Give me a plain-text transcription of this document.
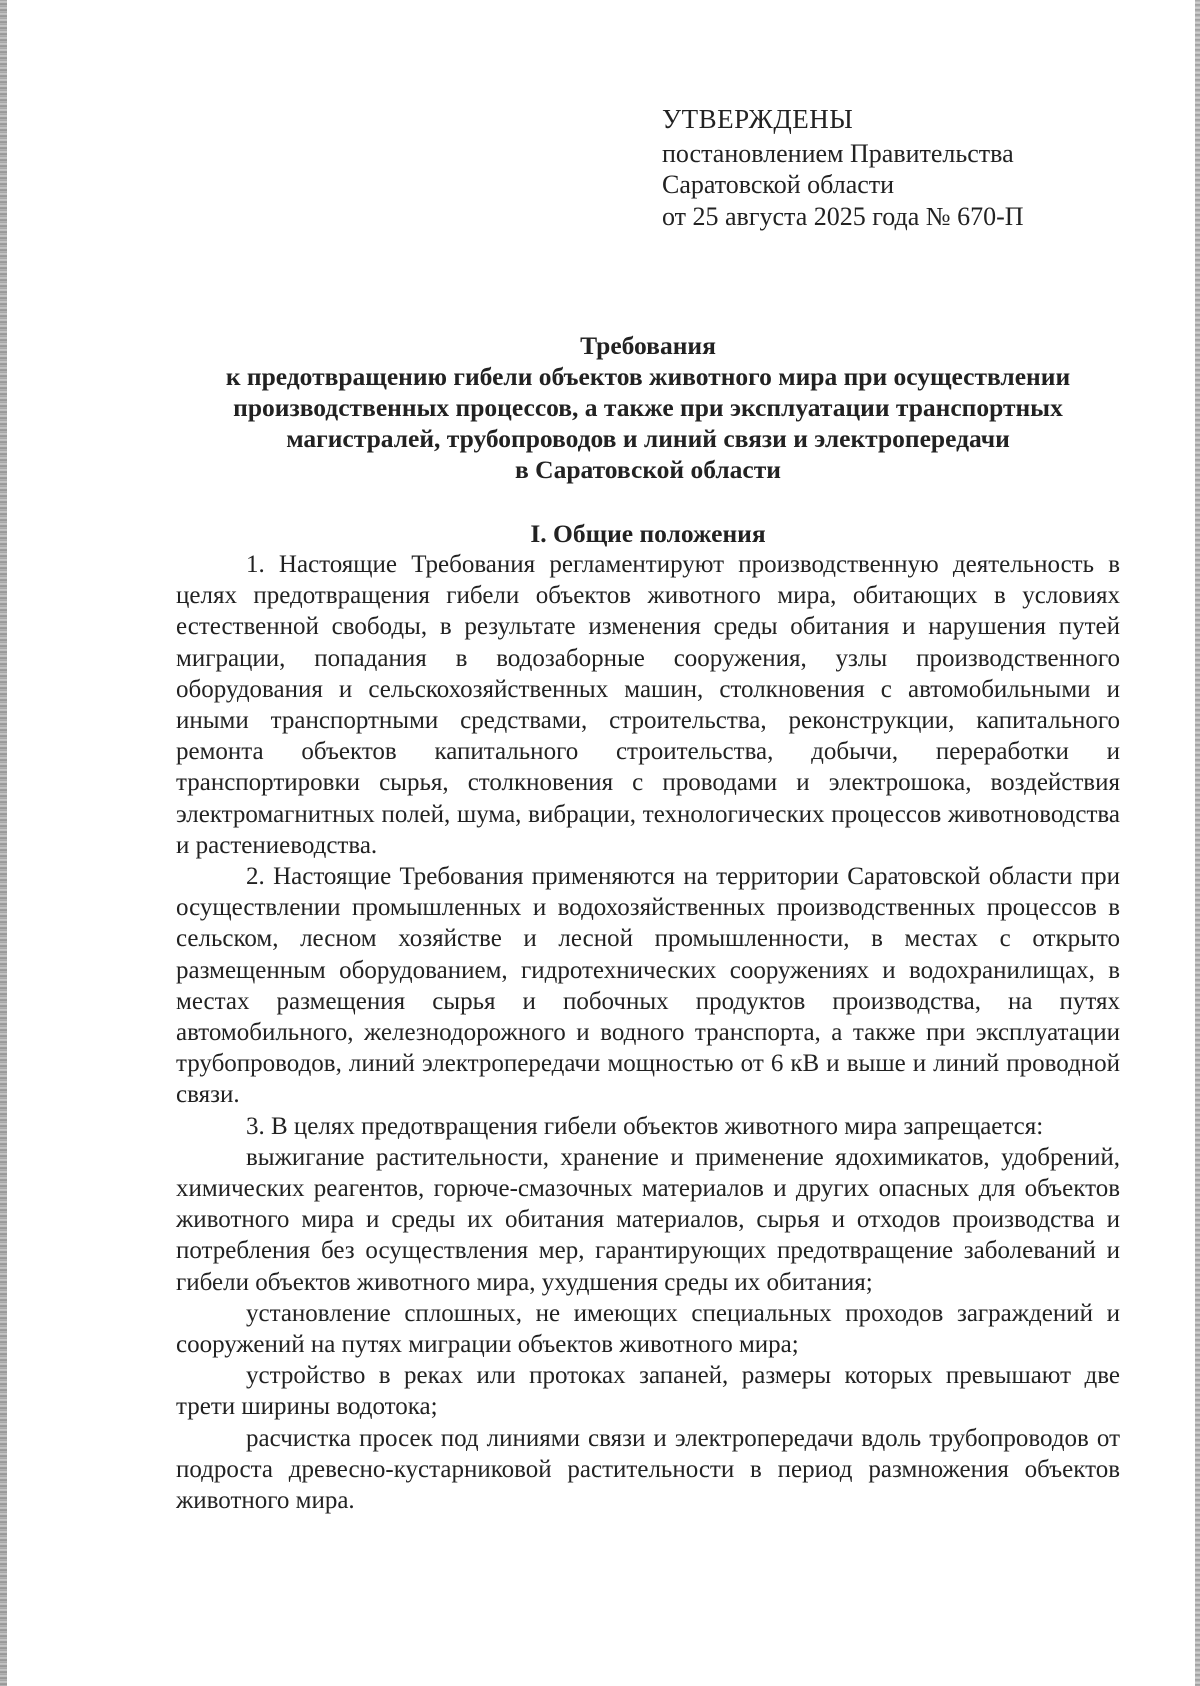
УТВЕРЖДЕНЫ
постановлением Правительства
Саратовской области
от 25 августа 2025 года № 670-П
Требования
к предотвращению гибели объектов животного мира при осуществлении
производственных процессов, а также при эксплуатации транспортных
магистралей, трубопроводов и линий связи и электропередачи
в Саратовской области
I. Общие положения

1. Настоящие Требования регламентируют производственную деятельность в целях предотвращения гибели объектов животного мира, обитающих в условиях естественной свободы, в результате изменения среды обитания и нарушения путей миграции, попадания в водозаборные сооружения, узлы производственного оборудования и сельскохозяйственных машин, столкновения с автомобильными и иными транспортными средствами, строительства, реконструкции, капитального ремонта объектов капитального строительства, добычи, переработки и транспортировки сырья, столкновения с проводами и электрошока, воздействия электромагнитных полей, шума, вибрации, технологических процессов животноводства и растениеводства.

2. Настоящие Требования применяются на территории Саратовской области при осуществлении промышленных и водохозяйственных производственных процессов в сельском, лесном хозяйстве и лесной промышленности, в местах с открыто размещенным оборудованием, гидротехнических сооружениях и водохранилищах, в местах размещения сырья и побочных продуктов производства, на путях автомобильного, железнодорожного и водного транспорта, а также при эксплуатации трубопроводов, линий электропередачи мощностью от 6 кВ и выше и линий проводной связи.

3. В целях предотвращения гибели объектов животного мира запрещается:

выжигание растительности, хранение и применение ядохимикатов, удобрений, химических реагентов, горюче-смазочных материалов и других опасных для объектов животного мира и среды их обитания материалов, сырья и отходов производства и потребления без осуществления мер, гарантирующих предотвращение заболеваний и гибели объектов животного мира, ухудшения среды их обитания;

установление сплошных, не имеющих специальных проходов заграждений и сооружений на путях миграции объектов животного мира;

устройство в реках или протоках запаней, размеры которых превышают две трети ширины водотока;

расчистка просек под линиями связи и электропередачи вдоль трубопроводов от подроста древесно-кустарниковой растительности в период размножения объектов животного мира.
